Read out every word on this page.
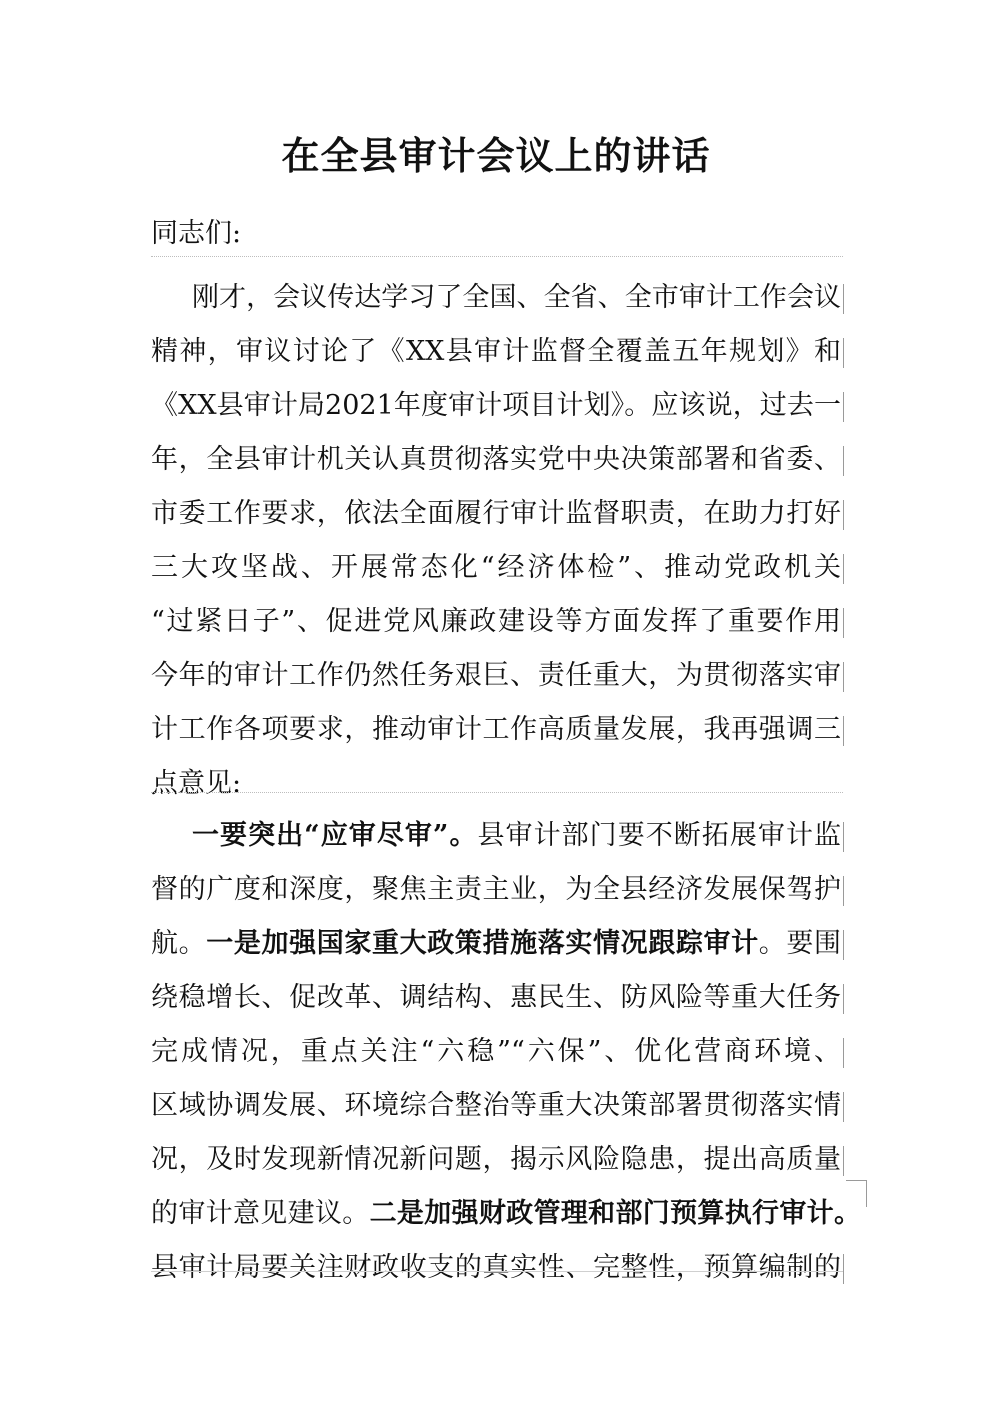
在全县审计会议上的讲话
同志们:
刚才，会议传达学习了全国、全省、全市审计工作会议
精神，审议讨论了《XX县审计监督全覆盖五年规划》和
《XX县审计局2021年度审计项目计划》。应该说，过去一
年，全县审计机关认真贯彻落实党中央决策部署和省委、
市委工作要求，依法全面履行审计监督职责，在助力打好
三大攻坚战、开展常态化“经济体检”、推动党政机关
“过紧日子”、促进党风廉政建设等方面发挥了重要作用
今年的审计工作仍然任务艰巨、责任重大，为贯彻落实审
计工作各项要求，推动审计工作高质量发展，我再强调三
点意见:
一要突出“应审尽审”。县审计部门要不断拓展审计监
督的广度和深度，聚焦主责主业，为全县经济发展保驾护
航。一是加强国家重大政策措施落实情况跟踪审计。要围
绕稳增长、促改革、调结构、惠民生、防风险等重大任务
完成情况，重点关注“六稳”“六保”、优化营商环境、
区域协调发展、环境综合整治等重大决策部署贯彻落实情
况，及时发现新情况新问题，揭示风险隐患，提出高质量
的审计意见建议。二是加强财政管理和部门预算执行审计。
县审计局要关注财政收支的真实性、完整性，预算编制的
